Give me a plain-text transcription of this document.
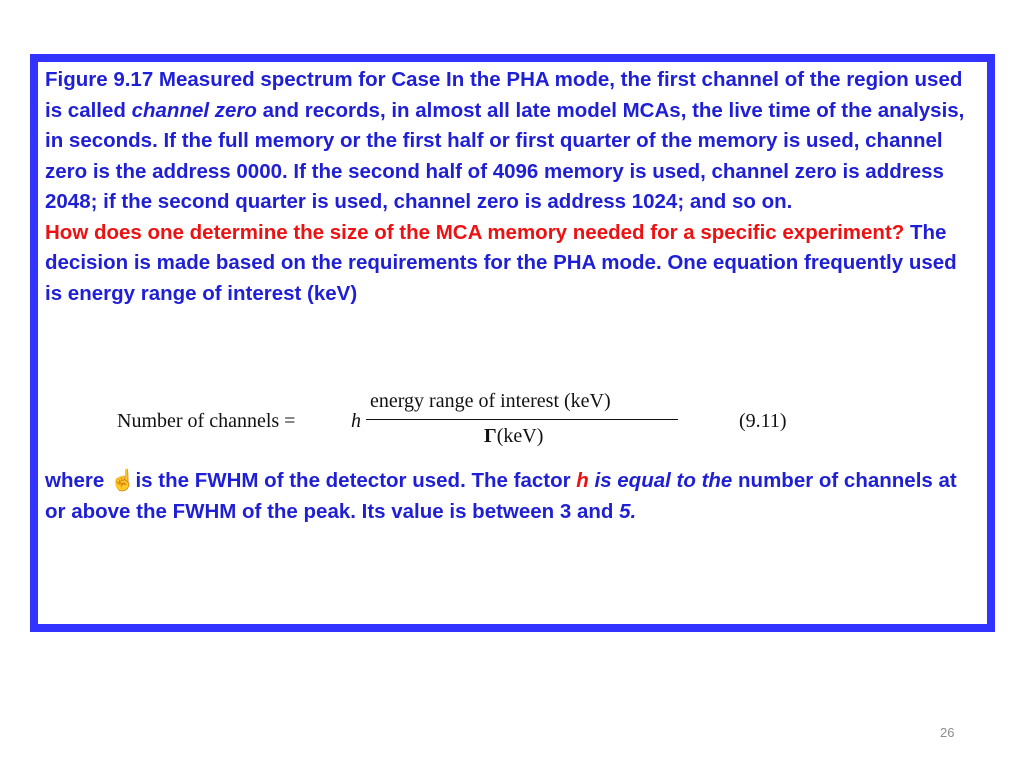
Figure 9.17 Measured spectrum for Case In the PHA mode, the first channel of the region used is called channel zero and records, in almost all late model MCAs, the live time of the analysis, in seconds. If the full memory or the first half or first quarter of the memory is used, channel zero is the address 0000. If the second half of 4096 memory is used, channel zero is address 2048; if the second quarter is used, channel zero is address 1024; and so on.
How does one determine the size of the MCA memory needed for a specific experiment? The decision is made based on the requirements for the PHA mode. One equation frequently used is energy range of interest (keV)
Number of channels =	h
energy range of interest (keV)
Γ(keV)
(9.11)
where ☝is the FWHM of the detector used. The factor h is equal to the number of channels at or above the FWHM of the peak. Its value is between 3 and 5.
26
